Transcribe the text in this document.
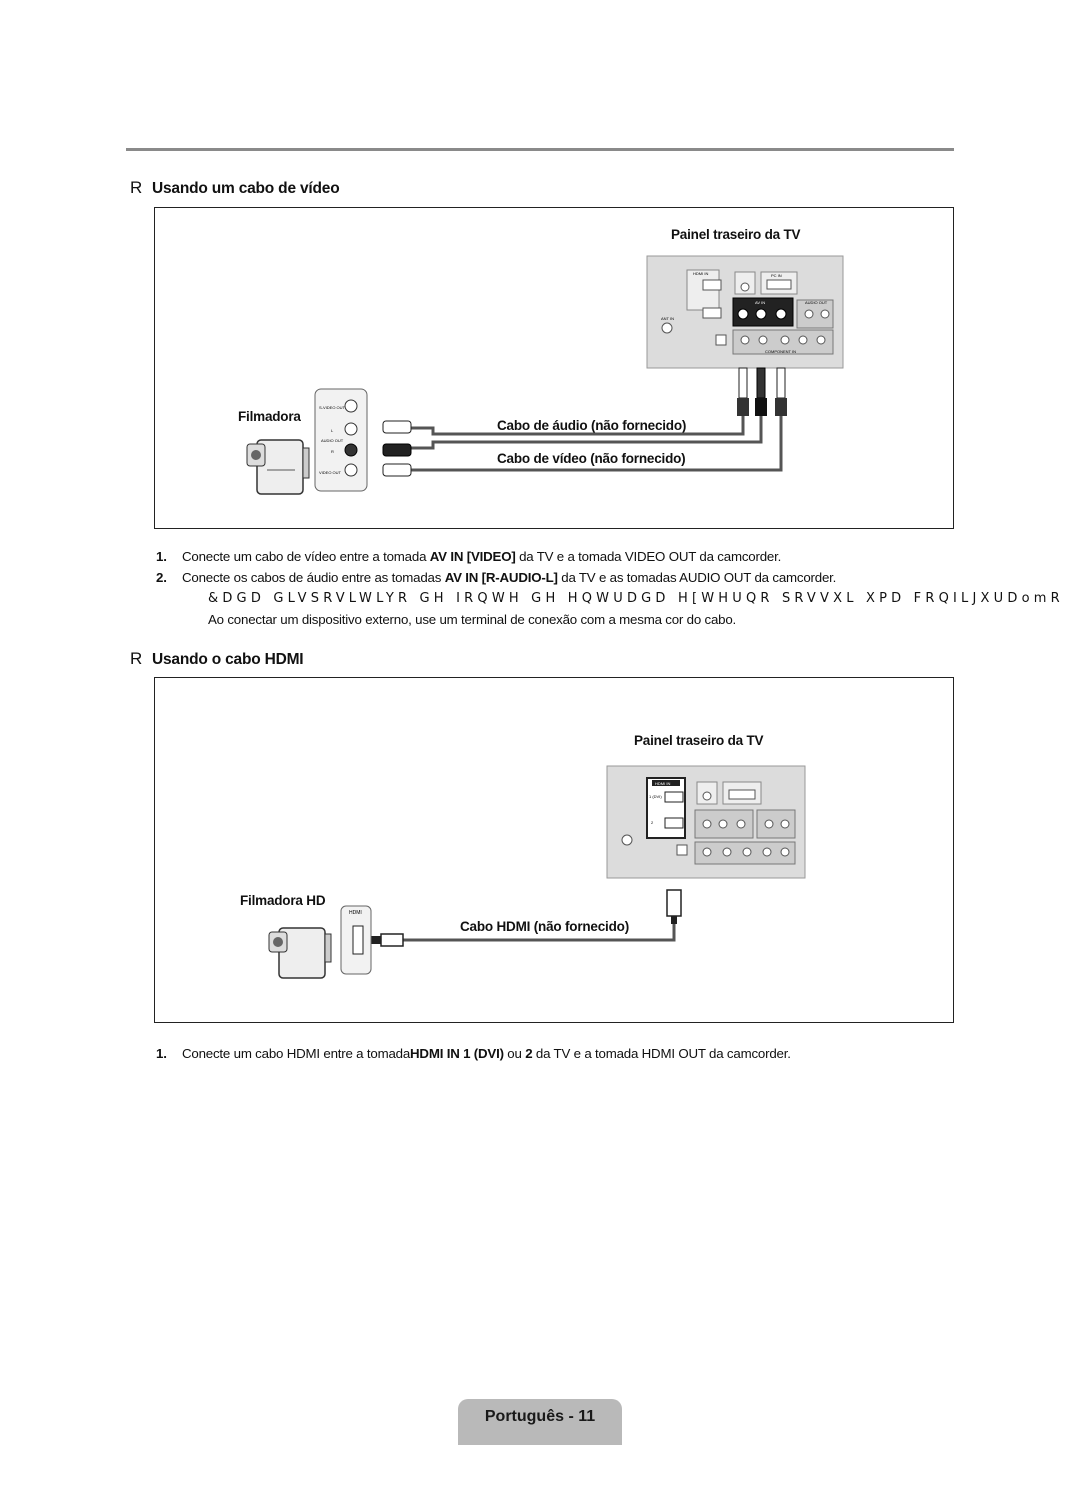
R Usando um cabo de vídeo
Painel traseiro da TV
Filmadora
Cabo de áudio (não fornecido)
Cabo de vídeo (não fornecido)
HDMI IN	PC IN
AV IN	AUDIO OUT
ANT IN
COMPONENT IN
S-VIDEO OUT
L
AUDIO OUT
R
VIDEO OUT
1. Conecte um cabo de vídeo entre a tomada AV IN [VIDEO] da TV e a tomada VIDEO OUT da camcorder.
2. Conecte os cabos de áudio entre as tomadas AV IN [R-AUDIO-L] da TV e as tomadas AUDIO OUT da camcorder.
&DGD GLVSRVLWLYR GH IRQWH GH HQWUDGD H[WHUQR SRVVXL XPD FRQILJXUDomR
Ao conectar um dispositivo externo, use um terminal de conexão com a mesma cor do cabo.
R Usando o cabo HDMI
Painel traseiro da TV
Filmadora HD
Cabo HDMI (não fornecido)
HDMI IN
1 (DVI)
2
HDMI
1. Conecte um cabo HDMI entre a tomadaHDMI IN 1 (DVI) ou 2 da TV e a tomada HDMI OUT da camcorder.
Português - 11
